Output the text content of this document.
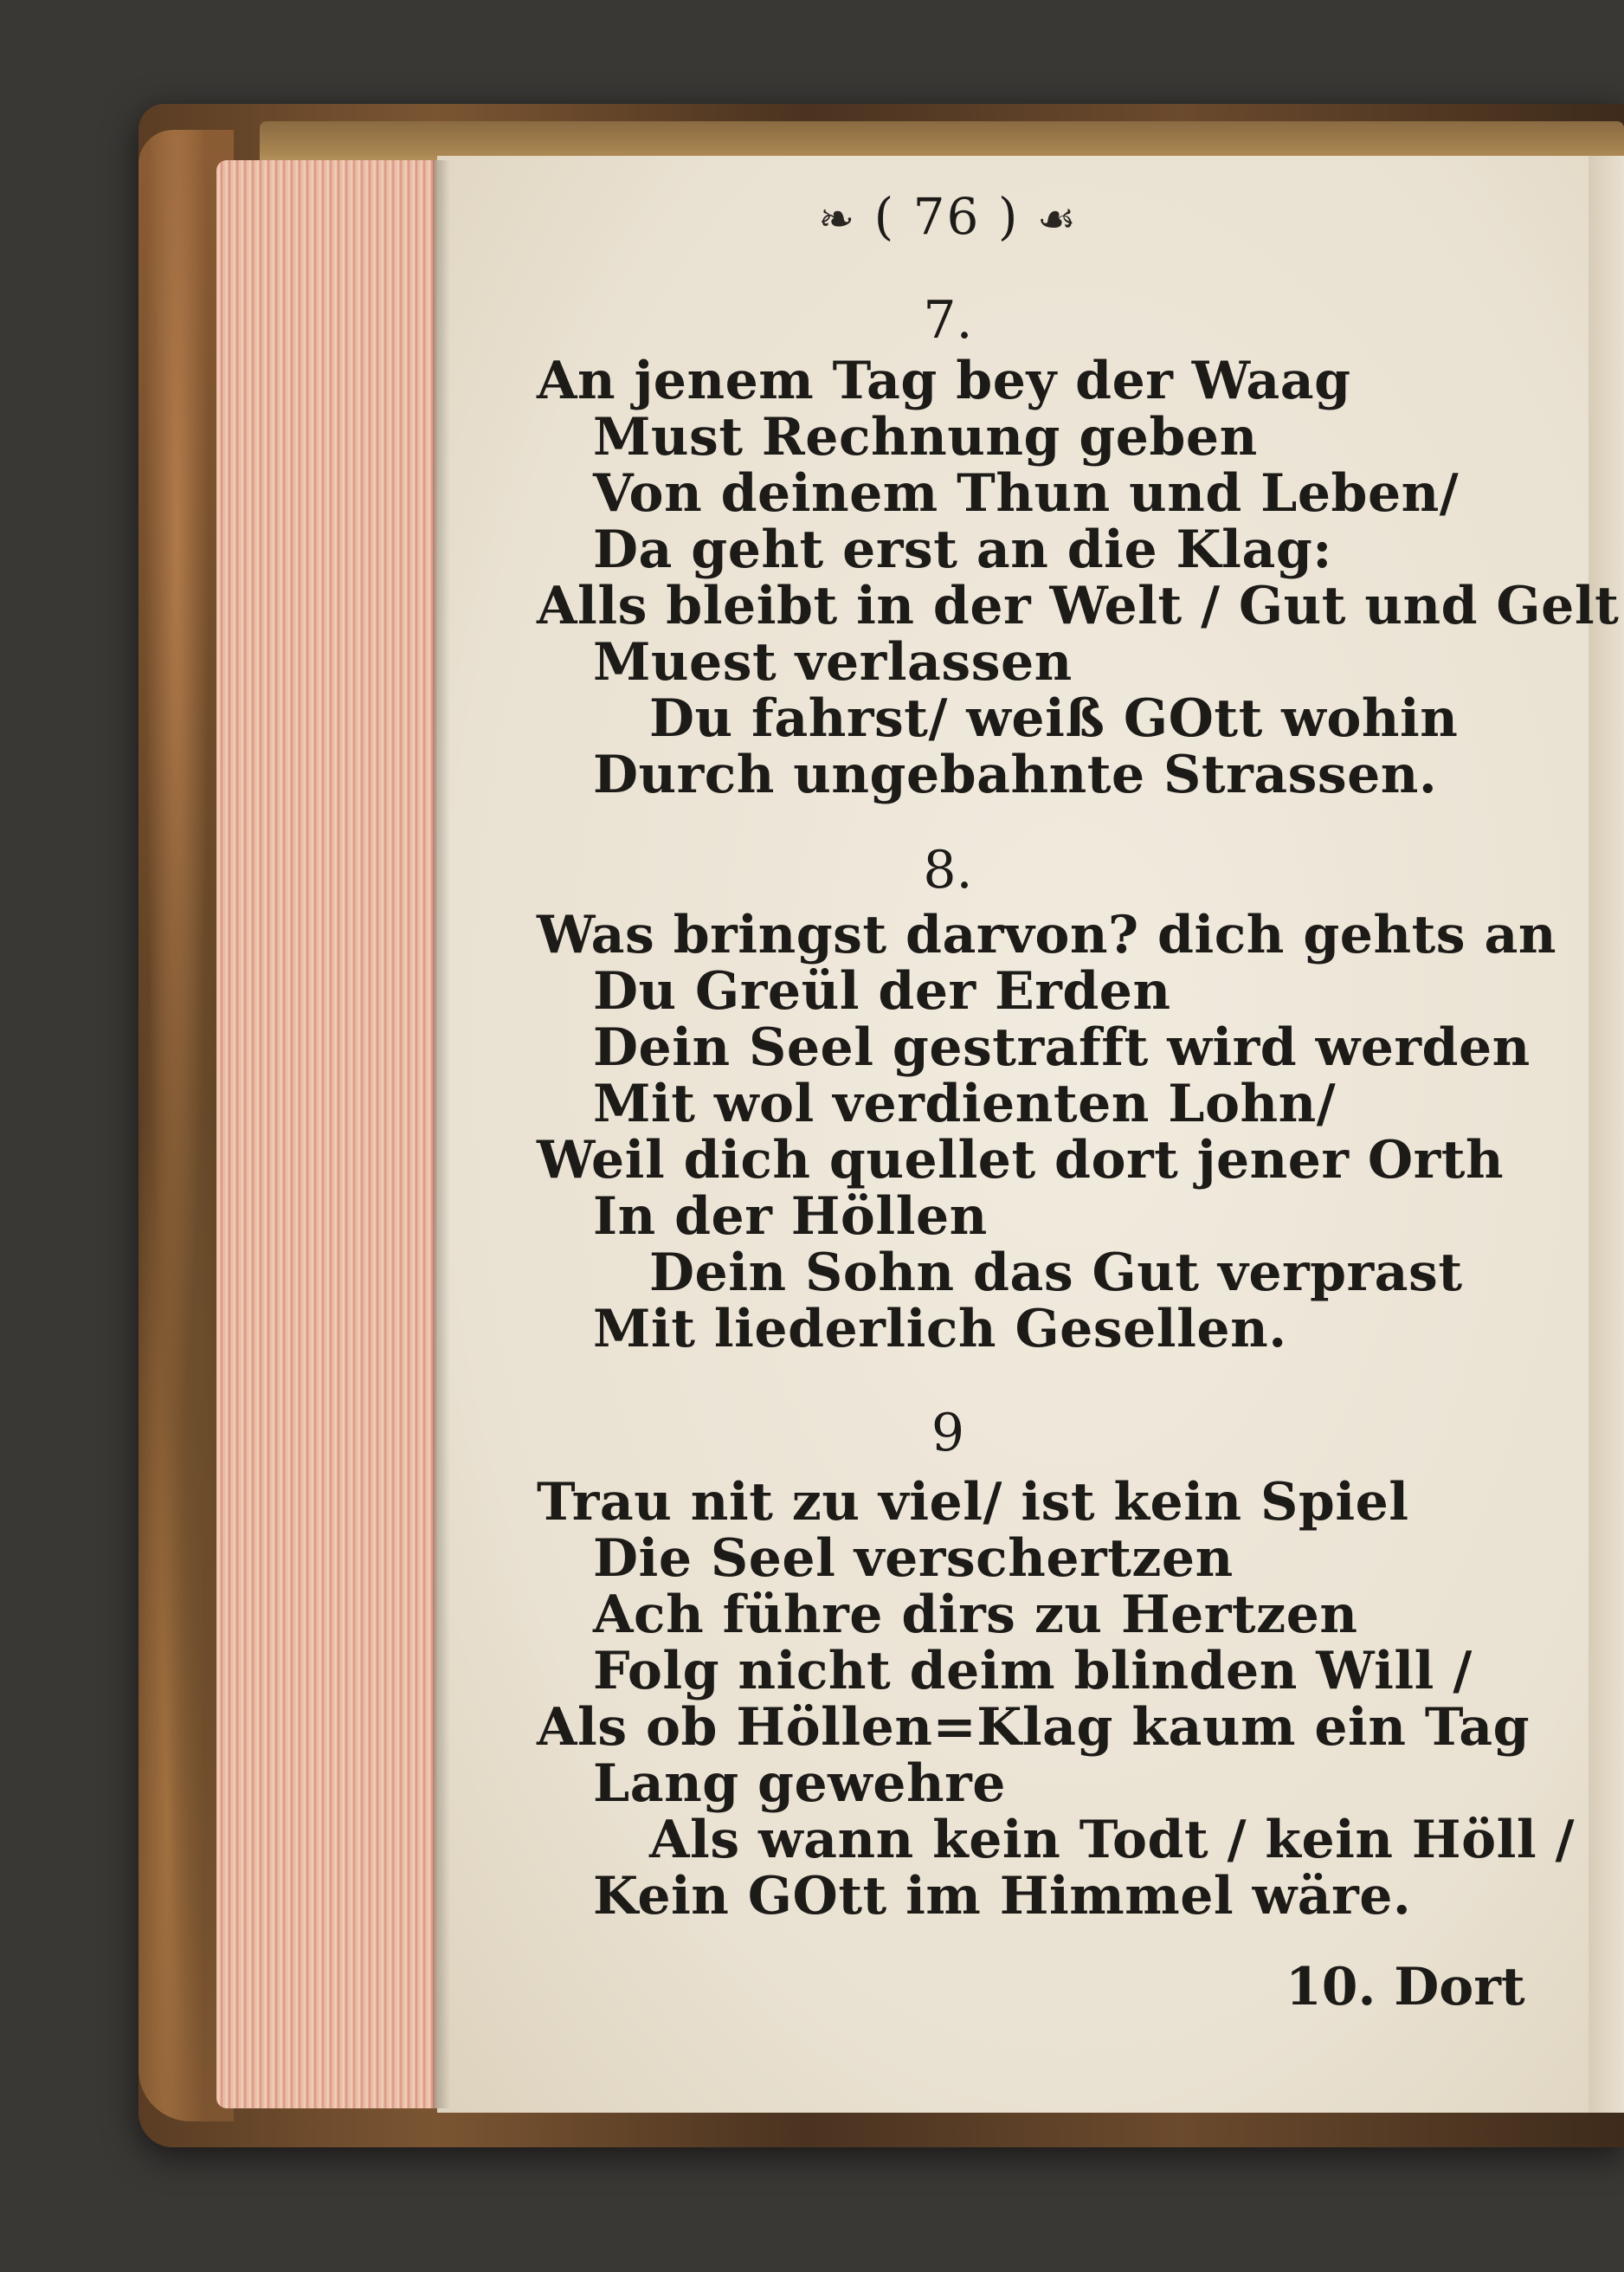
❧ ( 76 ) ☙
7.
An jenem Tag bey der Waag
Must Rechnung geben
Von deinem Thun und Leben/
Da geht erst an die Klag:
Alls bleibt in der Welt / Gut und Gelt
Muest verlassen
Du fahrst/ weiß GOtt wohin
Durch ungebahnte Strassen.
8.
Was bringst darvon? dich gehts an
Du Greül der Erden
Dein Seel gestrafft wird werden
Mit wol verdienten Lohn/
Weil dich quellet dort jener Orth
In der Höllen
Dein Sohn das Gut verprast
Mit liederlich Gesellen.
9
Trau nit zu viel/ ist kein Spiel
Die Seel verschertzen
Ach führe dirs zu Hertzen
Folg nicht deim blinden Will /
Als ob Höllen=Klag kaum ein Tag
Lang gewehre
Als wann kein Todt / kein Höll /
Kein GOtt im Himmel wäre.
10. Dort
